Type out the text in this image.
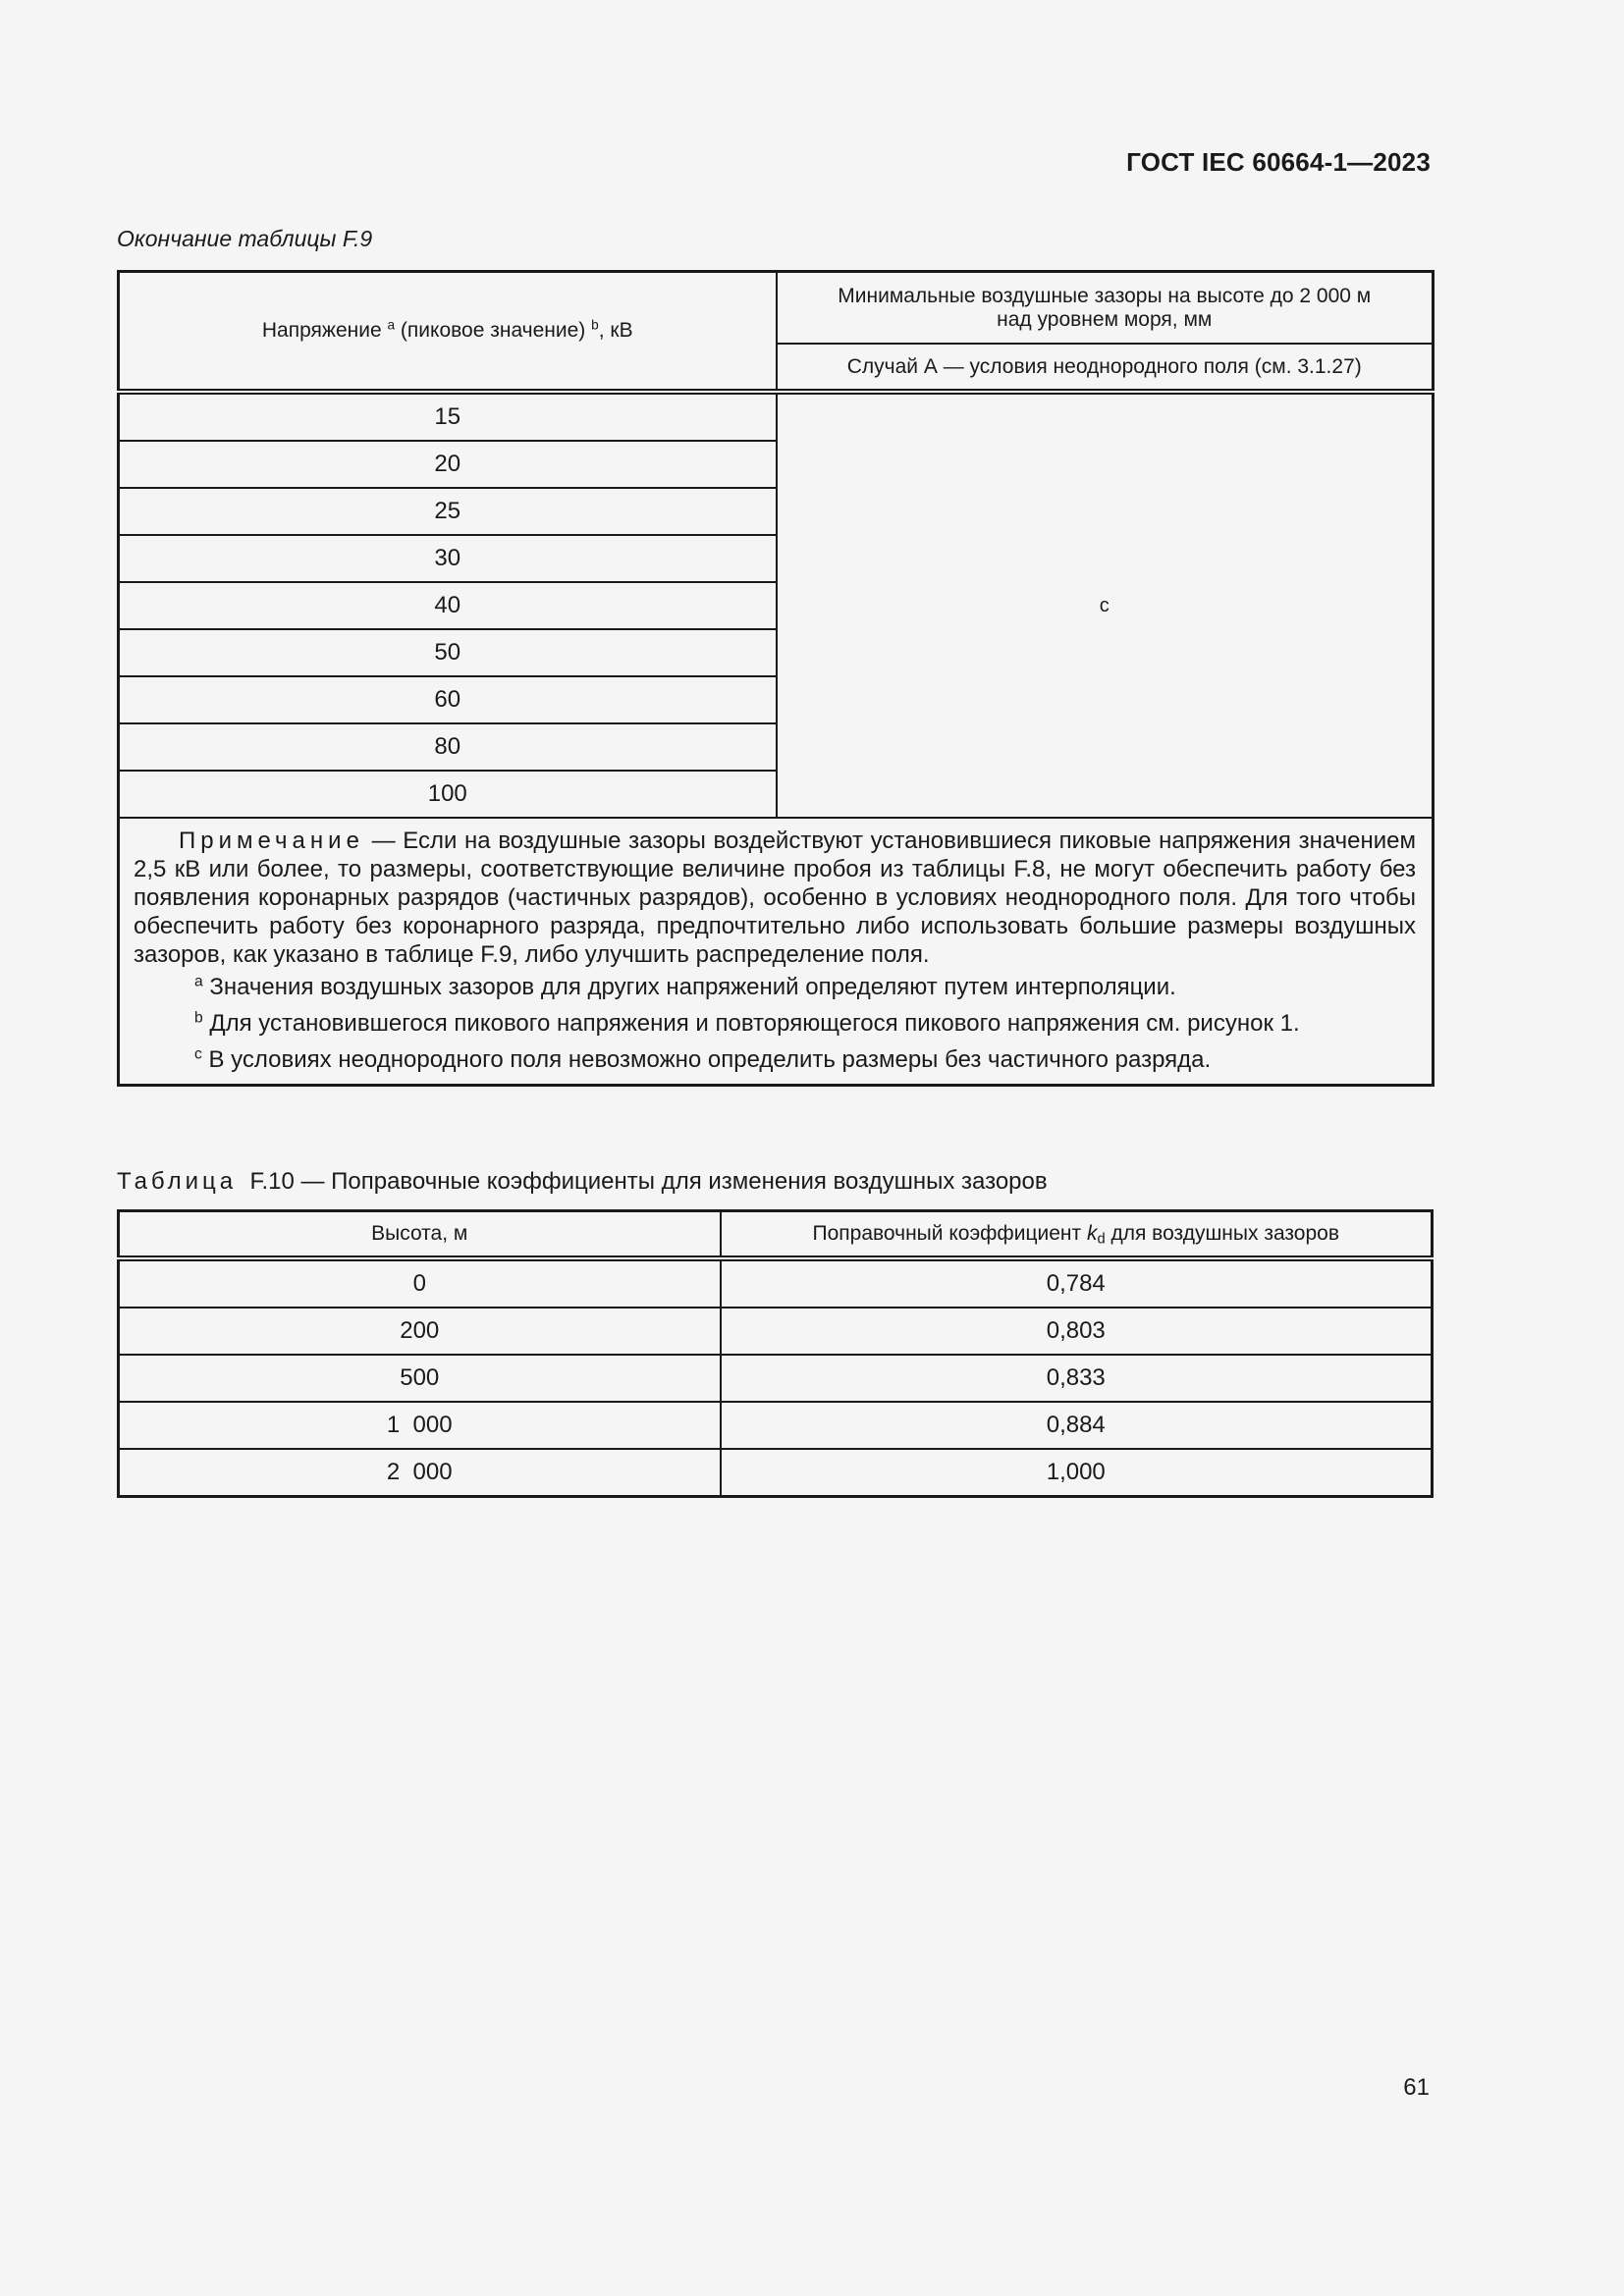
ГОСТ IEC 60664-1—2023
Окончание таблицы F.9
Напряжение $^a$ (пиковое значение) $^b$, кВ	Минимальные воздушные зазоры на высоте до 2 000 м
над уровнем моря, мм

	Случай А — условия неоднородного поля (см. 3.1.27)
15	c
20	
25	
30	
40	
50	
60	
80	
100	

Примечание — Если на воздушные зазоры воздействуют установившиеся пиковые напряжения значением 2,5 кВ или более, то размеры, соответствующие величине пробоя из таблицы F.8, не могут обеспечить работу без появления коронарных разрядов (частичных разрядов), особенно в условиях неоднородного поля. Для того чтобы обеспечить работу без коронарного разряда, предпочтительно либо использовать большие размеры воздушных зазоров, как указано в таблице F.9, либо улучшить распределение поля.

$^a$ Значения воздушных зазоров для других напряжений определяют путем интерполяции.

$^b$ Для установившегося пикового напряжения и повторяющегося пикового напряжения см. рисунок 1.

$^c$ В условиях неоднородного поля невозможно определить размеры без частичного разряда.	

Таблица  F.10 — Поправочные коэффициенты для изменения воздушных зазоров
Высота, м	Поправочный коэффициент $k_d$ для воздушных зазоров
0	0,784
200	0,803
500	0,833
1  000	0,884
2  000	1,000
61
